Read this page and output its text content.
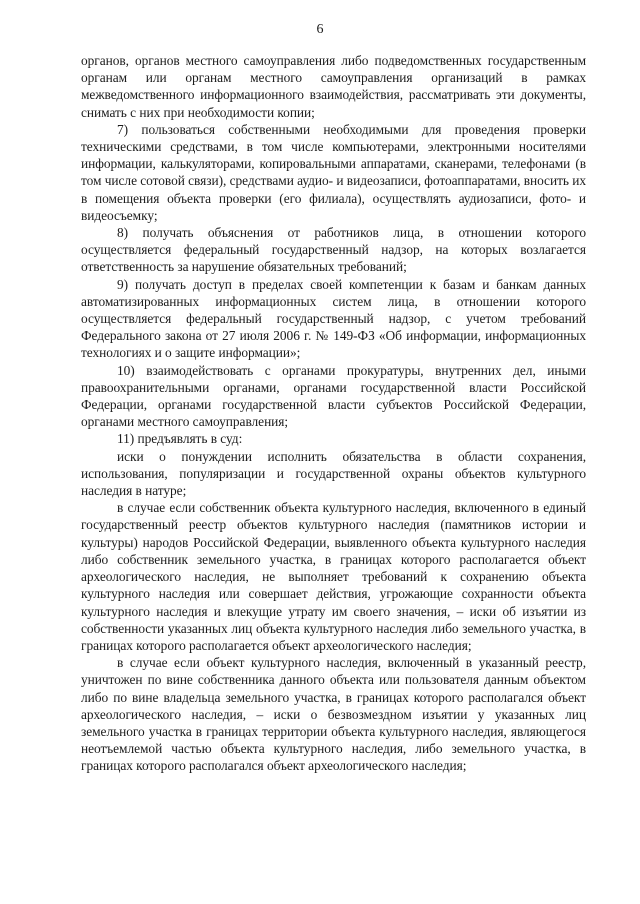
6

органов, органов местного самоуправления либо подведомственных государственным органам или органам местного самоуправления организаций в рамках межведомственного информационного взаимодействия, рассматривать эти документы, снимать с них при необходимости копии;

7) пользоваться собственными необходимыми для проведения проверки техническими средствами, в том числе компьютерами, электронными носителями информации, калькуляторами, копировальными аппаратами, сканерами, телефонами (в том числе сотовой связи), средствами аудио- и видеозаписи, фотоаппаратами, вносить их в помещения объекта проверки (его филиала), осуществлять аудиозаписи, фото- и видеосъемку;

8) получать объяснения от работников лица, в отношении которого осуществляется федеральный государственный надзор, на которых возлагается ответственность за нарушение обязательных требований;

9) получать доступ в пределах своей компетенции к базам и банкам данных автоматизированных информационных систем лица, в отношении которого осуществляется федеральный государственный надзор, с учетом требований Федерального закона от 27 июля 2006 г. № 149-ФЗ «Об информации, информационных технологиях и о защите информации»;

10) взаимодействовать с органами прокуратуры, внутренних дел, иными правоохранительными органами, органами государственной власти Российской Федерации, органами государственной власти субъектов Российской Федерации, органами местного самоуправления;

11) предъявлять в суд:

иски о понуждении исполнить обязательства в области сохранения, использования, популяризации и государственной охраны объектов культурного наследия в натуре;

в случае если собственник объекта культурного наследия, включенного в единый государственный реестр объектов культурного наследия (памятников истории и культуры) народов Российской Федерации, выявленного объекта культурного наследия либо собственник земельного участка, в границах которого располагается объект археологического наследия, не выполняет требований к сохранению объекта культурного наследия или совершает действия, угрожающие сохранности объекта культурного наследия и влекущие утрату им своего значения, – иски об изъятии из собственности указанных лиц объекта культурного наследия либо земельного участка, в границах которого располагается объект археологического наследия;

в случае если объект культурного наследия, включенный в указанный реестр, уничтожен по вине собственника данного объекта или пользователя данным объектом либо по вине владельца земельного участка, в границах которого располагался объект археологического наследия, – иски о безвозмездном изъятии у указанных лиц земельного участка в границах территории объекта культурного наследия, являющегося неотъемлемой частью объекта культурного наследия, либо земельного участка, в границах которого располагался объект археологического наследия;
